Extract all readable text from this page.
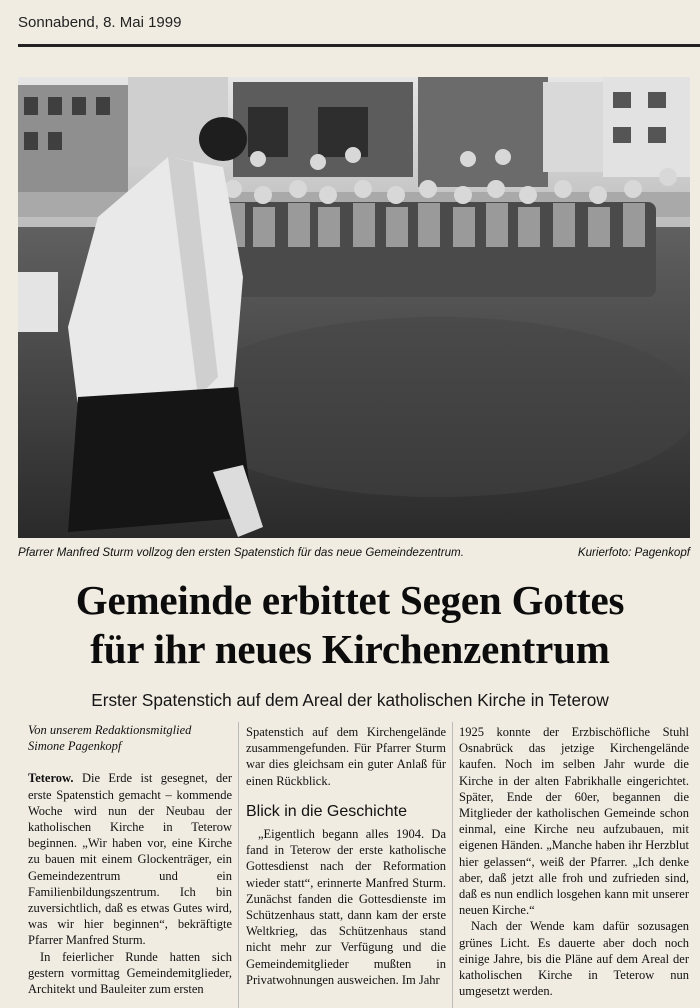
Sonnabend, 8. Mai 1999
Pfarrer Manfred Sturm vollzog den ersten Spatenstich für das neue Gemeindezentrum.	Kurierfoto: Pagenkopf
Gemeinde erbittet Segen Gottes
für ihr neues Kirchenzentrum
Erster Spatenstich auf dem Areal der katholischen Kirche in Teterow

Von unserem Redaktionsmitglied
Simone Pagenkopf

Teterow. Die Erde ist gesegnet, der erste Spatenstich gemacht – kommende Woche wird nun der Neubau der katholischen Kirche in Teterow beginnen. „Wir haben vor, eine Kirche zu bauen mit einem Glockenträger, ein Gemeindezentrum und ein Familienbildungszentrum. Ich bin zuversichtlich, daß es etwas Gutes wird, was wir hier beginnen“, bekräftigte Pfarrer Manfred Sturm.

In feierlicher Runde hatten sich gestern vormittag Gemeindemitglieder, Architekt und Bauleiter zum ersten

Spatenstich auf dem Kirchengelände zusammengefunden. Für Pfarrer Sturm war dies gleichsam ein guter Anlaß für einen Rückblick.

Blick in die Geschichte

„Eigentlich begann alles 1904. Da fand in Teterow der erste katholische Gottesdienst nach der Reformation wieder statt“, erinnerte Manfred Sturm. Zunächst fanden die Gottesdienste im Schützenhaus statt, dann kam der erste Weltkrieg, das Schützenhaus stand nicht mehr zur Verfügung und die Gemeindemitglieder mußten in Privatwohnungen ausweichen. Im Jahr

1925 konnte der Erzbischöfliche Stuhl Osnabrück das jetzige Kirchengelände kaufen. Noch im selben Jahr wurde die Kirche in der alten Fabrikhalle eingerichtet. Später, Ende der 60er, begannen die Mitglieder der katholischen Gemeinde schon einmal, eine Kirche neu aufzubauen, mit eigenen Händen. „Manche haben ihr Herzblut hier gelassen“, weiß der Pfarrer. „Ich denke aber, daß jetzt alle froh und zufrieden sind, daß es nun endlich losgehen kann mit unserer neuen Kirche.“

Nach der Wende kam dafür sozusagen grünes Licht. Es dauerte aber doch noch einige Jahre, bis die Pläne auf dem Areal der katholischen Kirche in Teterow nun umgesetzt werden.
